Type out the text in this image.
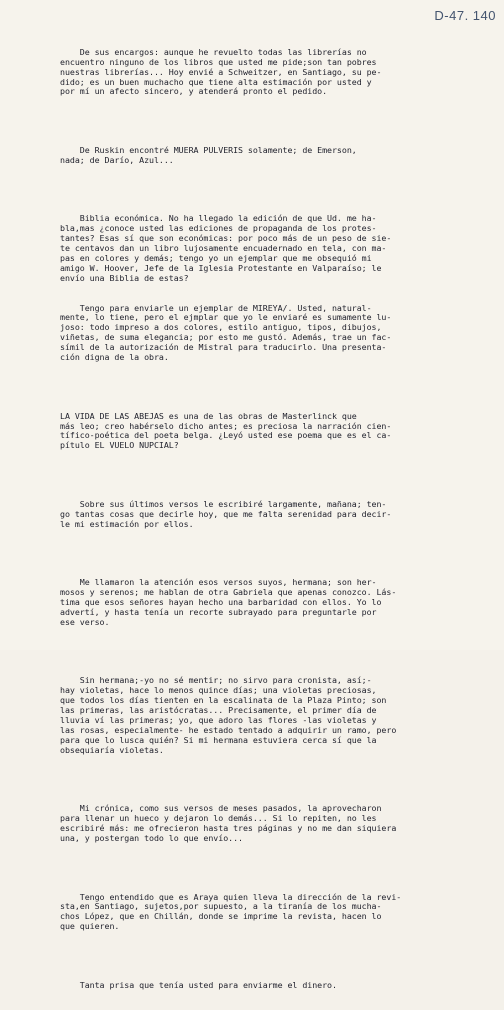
D-47. 140

De sus encargos: aunque he revuelto todas las librerías no
encuentro ninguno de los libros que usted me pide;son tan pobres
nuestras librerías... Hoy envié a Schweitzer, en Santiago, su pe-
dido; es un buen muchacho que tiene alta estimación por usted y
por mí un afecto sincero, y atenderá pronto el pedido.

De Ruskin encontré MUERA PULVERIS solamente; de Emerson,
nada; de Darío, Azul...

Biblia económica. No ha llegado la edición de que Ud. me ha-
bla,mas ¿conoce usted las ediciones de propaganda de los protes-
tantes? Esas sí que son económicas: por poco más de un peso de sie-
te centavos dan un libro lujosamente encuadernado en tela, con ma-
pas en colores y demás; tengo yo un ejemplar que me obsequió mi
amigo W. Hoover, Jefe de la Iglesia Protestante en Valparaíso; le
envío una Biblia de estas?

Tengo para enviarle un ejemplar de MIREYA/. Usted, natural-
mente, lo tiene, pero el ejmplar que yo le enviaré es sumamente lu-
joso: todo impreso a dos colores, estilo antiguo, tipos, dibujos,
viñetas, de suma elegancia; por esto me gustó. Además, trae un fac-
símil de la autorización de Mistral para traducirlo. Una presenta-
ción digna de la obra.

LA VIDA DE LAS ABEJAS es una de las obras de Masterlinck que
más leo; creo habérselo dicho antes; es preciosa la narración cien-
tífico-poética del poeta belga. ¿Leyó usted ese poema que es el ca-
pítulo EL VUELO NUPCIAL?

Sobre sus últimos versos le escribiré largamente, mañana; ten-
go tantas cosas que decirle hoy, que me falta serenidad para decir-
le mi estimación por ellos.

Me llamaron la atención esos versos suyos, hermana; son her-
mosos y serenos; me hablan de otra Gabriela que apenas conozco. Lás-
tima que esos señores hayan hecho una barbaridad con ellos. Yo lo
advertí, y hasta tenía un recorte subrayado para preguntarle por
ese verso.

Sin hermana;-yo no sé mentir; no sirvo para cronista, así;-
hay violetas, hace lo menos quince días; una violetas preciosas,
que todos los días tienten en la escalinata de la Plaza Pinto; son
las primeras, las aristócratas... Precisamente, el primer día de
lluvia ví las primeras; yo, que adoro las flores -las violetas y
las rosas, especialmente- he estado tentado a adquirir un ramo, pero
para que lo lusca quién? Si mi hermana estuviera cerca sí que la
obsequiaría violetas.

Mi crónica, como sus versos de meses pasados, la aprovecharon
para llenar un hueco y dejaron lo demás... Si lo repiten, no les
escribiré más: me ofrecieron hasta tres páginas y no me dan siquiera
una, y postergan todo lo que envío...

Tengo entendido que es Araya quien lleva la dirección de la revi-
sta,en Santiago, sujetos,por supuesto, a la tiranía de los mucha-
chos López, que en Chillán, donde se imprime la revista, hacen lo
que quieren.

Tanta prisa que tenía usted para enviarme el dinero.
